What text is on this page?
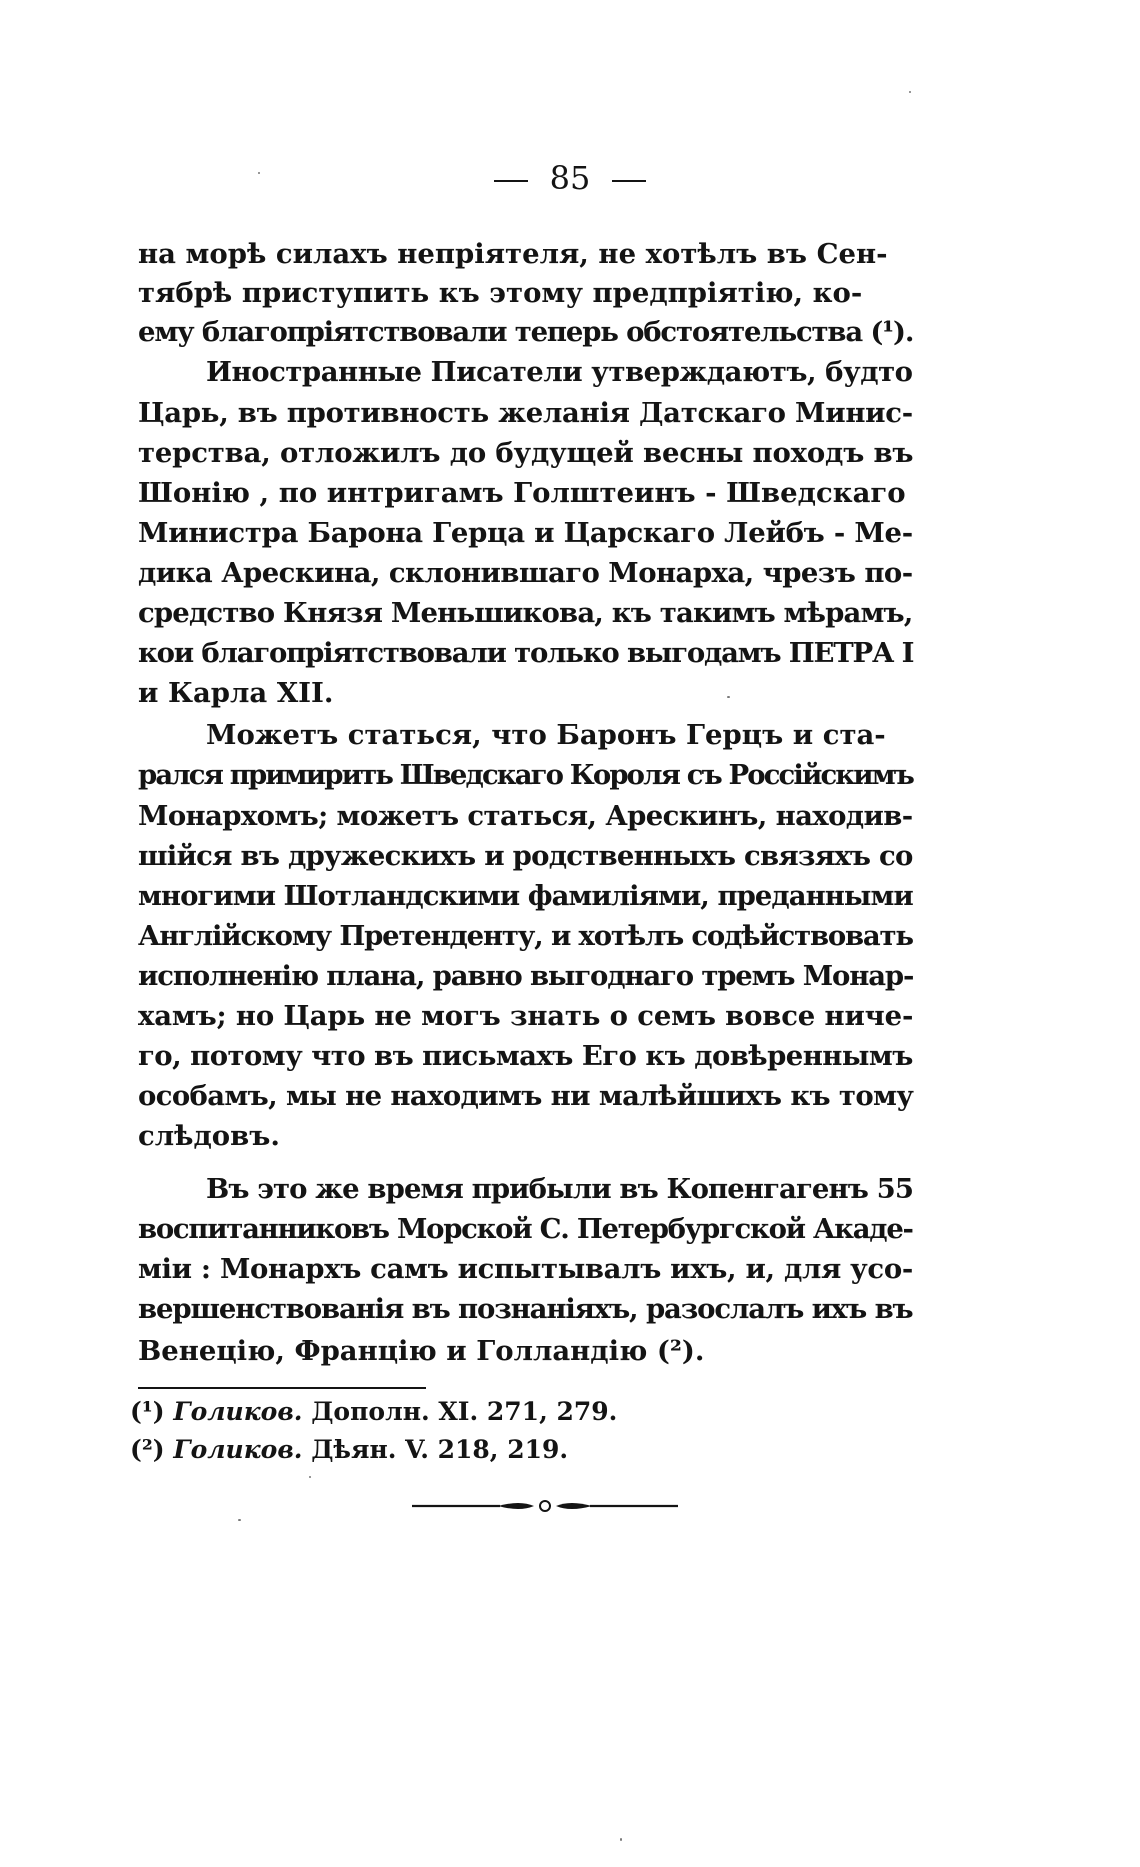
85
на морѣ силахъ непріятеля, не хотѣлъ въ Сен-
тябрѣ приступить къ этому предпріятію, ко-
ему благопріятствовали теперь обстоятельства (¹).
Иностранные Писатели утверждаютъ, будто
Царь, въ противность желанія Датскаго Минис-
терства, отложилъ до будущей весны походъ въ
Шонію , по интригамъ Голштеинъ - Шведскаго
Министра Барона Герца и Царскаго Лейбъ - Ме-
дика Арескина, склонившаго Монарха, чрезъ по-
средство Князя Меньшикова, къ такимъ мѣрамъ,
кои благопріятствовали только выгодамъ ПЕТРА I
и Карла XII.
Можетъ статься, что Баронъ Герцъ и ста-
рался примирить Шведскаго Короля съ Россійскимъ
Монархомъ; можетъ статься, Арескинъ, находив-
шійся въ дружескихъ и родственныхъ связяхъ со
многими Шотландскими фамиліями, преданными
Англійскому Претенденту, и хотѣлъ содѣйствовать
исполненію плана, равно выгоднаго тремъ Монар-
хамъ; но Царь не могъ знать о семъ вовсе ниче-
го, потому что въ письмахъ Его къ довѣреннымъ
особамъ, мы не находимъ ни малѣйшихъ къ тому
слѣдовъ.
Въ это же время прибыли въ Копенгагенъ 55
воспитанниковъ Морской С. Петербургской Акаде-
міи : Монархъ самъ испытывалъ ихъ, и, для усо-
вершенствованія въ познаніяхъ, разослалъ ихъ въ
Венецію, Францію и Голландію (²).
(¹) Голиков. Дополн. XI. 271, 279.
(²) Голиков. Дѣян. V. 218, 219.
